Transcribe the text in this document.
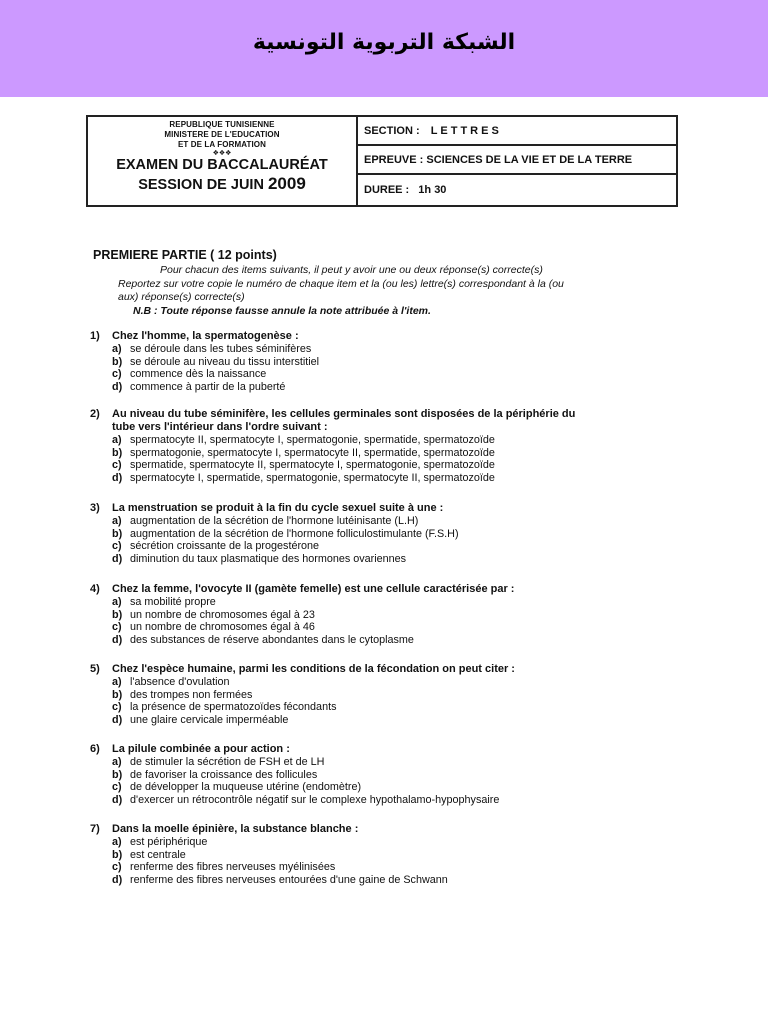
الشبكة التربوية التونسية
REPUBLIQUE TUNISIENNE
MINISTERE DE L'EDUCATION
ET DE LA FORMATION
❖❖❖
EXAMEN DU BACCALAURÉAT
SESSION DE JUIN 2009
SECTION : LETTRES
EPREUVE : SCIENCES DE LA VIE ET DE LA TERRE
DUREE : 1h 30
PREMIERE PARTIE ( 12 points)
Pour chacun des items suivants, il peut y avoir une ou deux réponse(s) correcte(s)
Reportez sur votre copie le numéro de chaque item et la (ou les) lettre(s) correspondant à la (ou
aux) réponse(s) correcte(s)
N.B : Toute réponse fausse annule la note attribuée à l'item.
1) Chez l'homme, la spermatogenèse :
a) se déroule dans les tubes séminifères
b) se déroule au niveau du tissu interstitiel
c) commence dès la naissance
d) commence à partir de la puberté
2) Au niveau du tube séminifère, les cellules germinales sont disposées de la périphérie du
tube vers l'intérieur dans l'ordre suivant :
a) spermatocyte II, spermatocyte I, spermatogonie, spermatide, spermatozoïde
b) spermatogonie, spermatocyte I, spermatocyte II, spermatide, spermatozoïde
c) spermatide, spermatocyte II, spermatocyte I, spermatogonie, spermatozoïde
d) spermatocyte I, spermatide, spermatogonie, spermatocyte II, spermatozoïde
3) La menstruation se produit à la fin du cycle sexuel suite à une :
a) augmentation de la sécrétion de l'hormone lutéinisante (L.H)
b) augmentation de la sécrétion de l'hormone folliculostimulante (F.S.H)
c) sécrétion croissante de la progestérone
d) diminution du taux plasmatique des hormones ovariennes
4) Chez la femme, l'ovocyte II (gamète femelle) est une cellule caractérisée par :
a) sa mobilité propre
b) un nombre de chromosomes égal à 23
c) un nombre de chromosomes égal à 46
d) des substances de réserve abondantes dans le cytoplasme
5) Chez l'espèce humaine, parmi les conditions de la fécondation on peut citer :
a) l'absence d'ovulation
b) des trompes non fermées
c) la présence de spermatozoïdes fécondants
d) une glaire cervicale imperméable
6) La pilule combinée a pour action :
a) de stimuler la sécrétion de FSH et de LH
b) de favoriser la croissance des follicules
c) de développer la muqueuse utérine (endomètre)
d) d'exercer un rétrocontrôle négatif sur le complexe hypothalamo-hypophysaire
7) Dans la moelle épinière, la substance blanche :
a) est périphérique
b) est centrale
c) renferme des fibres nerveuses myélinisées
d) renferme des fibres nerveuses entourées d'une gaine de Schwann
